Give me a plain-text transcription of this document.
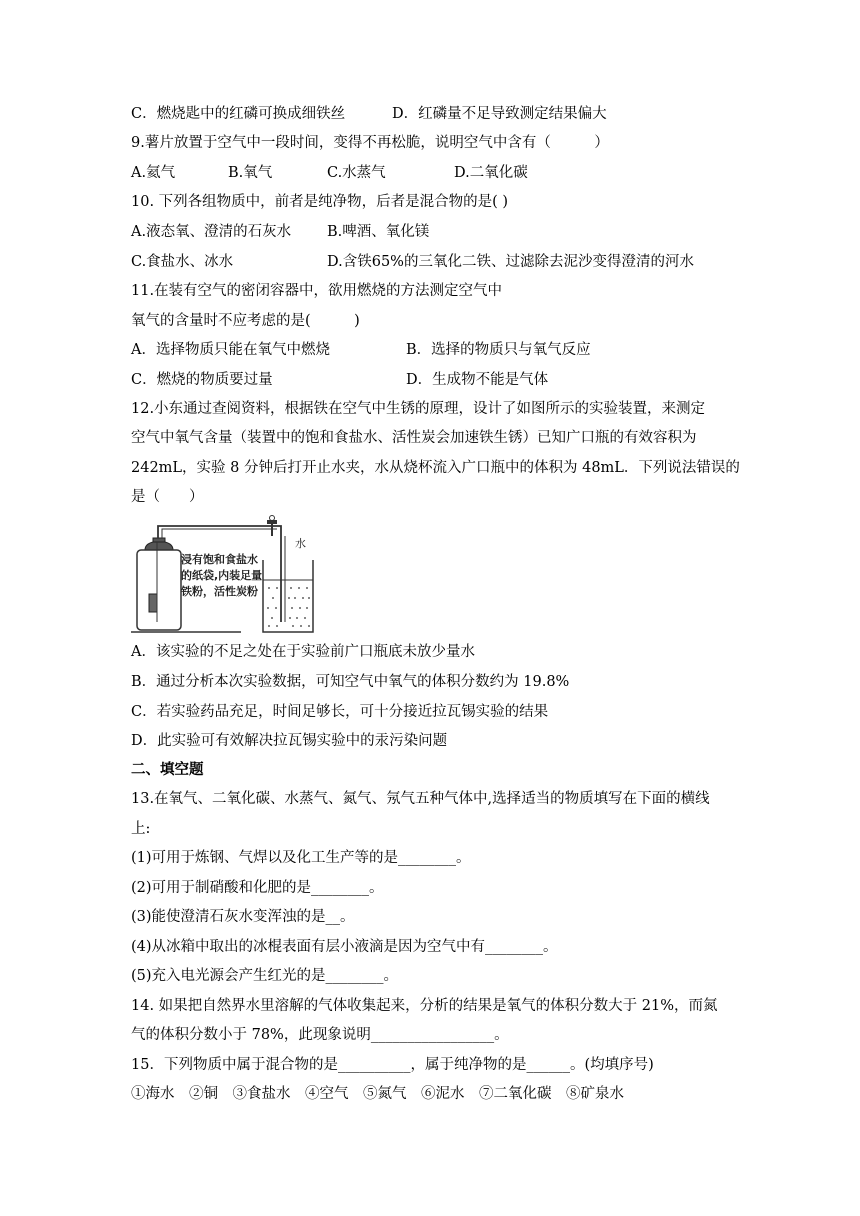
C．燃烧匙中的红磷可换成细铁丝	D．红磷量不足导致测定结果偏大
9.薯片放置于空气中一段时间，变得不再松脆，说明空气中含有（　　　）
A.氦气	B.氧气	C.水蒸气	D.二氧化碳
10. 下列各组物质中，前者是纯净物，后者是混合物的是( )
A.液态氧、澄清的石灰水 B.啤酒、氧化镁
C.食盐水、冰水	D.含铁65%的三氧化二铁、过滤除去泥沙变得澄清的河水
11.在装有空气的密闭容器中，欲用燃烧的方法测定空气中
氧气的含量时不应考虑的是(　　　)
A．选择物质只能在氧气中燃烧	B．选择的物质只与氧气反应
C．燃烧的物质要过量	D．生成物不能是气体
12.小东通过查阅资料，根据铁在空气中生锈的原理，设计了如图所示的实验装置，来测定
空气中氧气含量（装置中的饱和食盐水、活性炭会加速铁生锈）已知广口瓶的有效容积为
242mL，实验 8 分钟后打开止水夹，水从烧杯流入广口瓶中的体积为 48mL．下列说法错误的
是（　　）
浸有饱和食盐水
的纸袋,内装足量
铁粉，活性炭粉
水
A．该实验的不足之处在于实验前广口瓶底未放少量水
B．通过分析本次实验数据，可知空气中氧气的体积分数约为 19.8%
C．若实验药品充足，时间足够长，可十分接近拉瓦锡实验的结果
D．此实验可有效解决拉瓦锡实验中的汞污染问题
二、填空题
13.在氧气、二氧化碳、水蒸气、氮气、氖气五种气体中,选择适当的物质填写在下面的横线
上:
(1)可用于炼钢、气焊以及化工生产等的是________。
(2)可用于制硝酸和化肥的是________。
(3)能使澄清石灰水变浑浊的是__。
(4)从冰箱中取出的冰棍表面有层小液滴是因为空气中有________。
(5)充入电光源会产生红光的是________。
14. 如果把自然界水里溶解的气体收集起来，分析的结果是氧气的体积分数大于 21%，而氮
气的体积分数小于 78%，此现象说明_________________。
15．下列物质中属于混合物的是__________，属于纯净物的是______。(均填序号)
①海水　②铜　③食盐水　④空气　⑤氮气　⑥泥水　⑦二氧化碳　⑧矿泉水
